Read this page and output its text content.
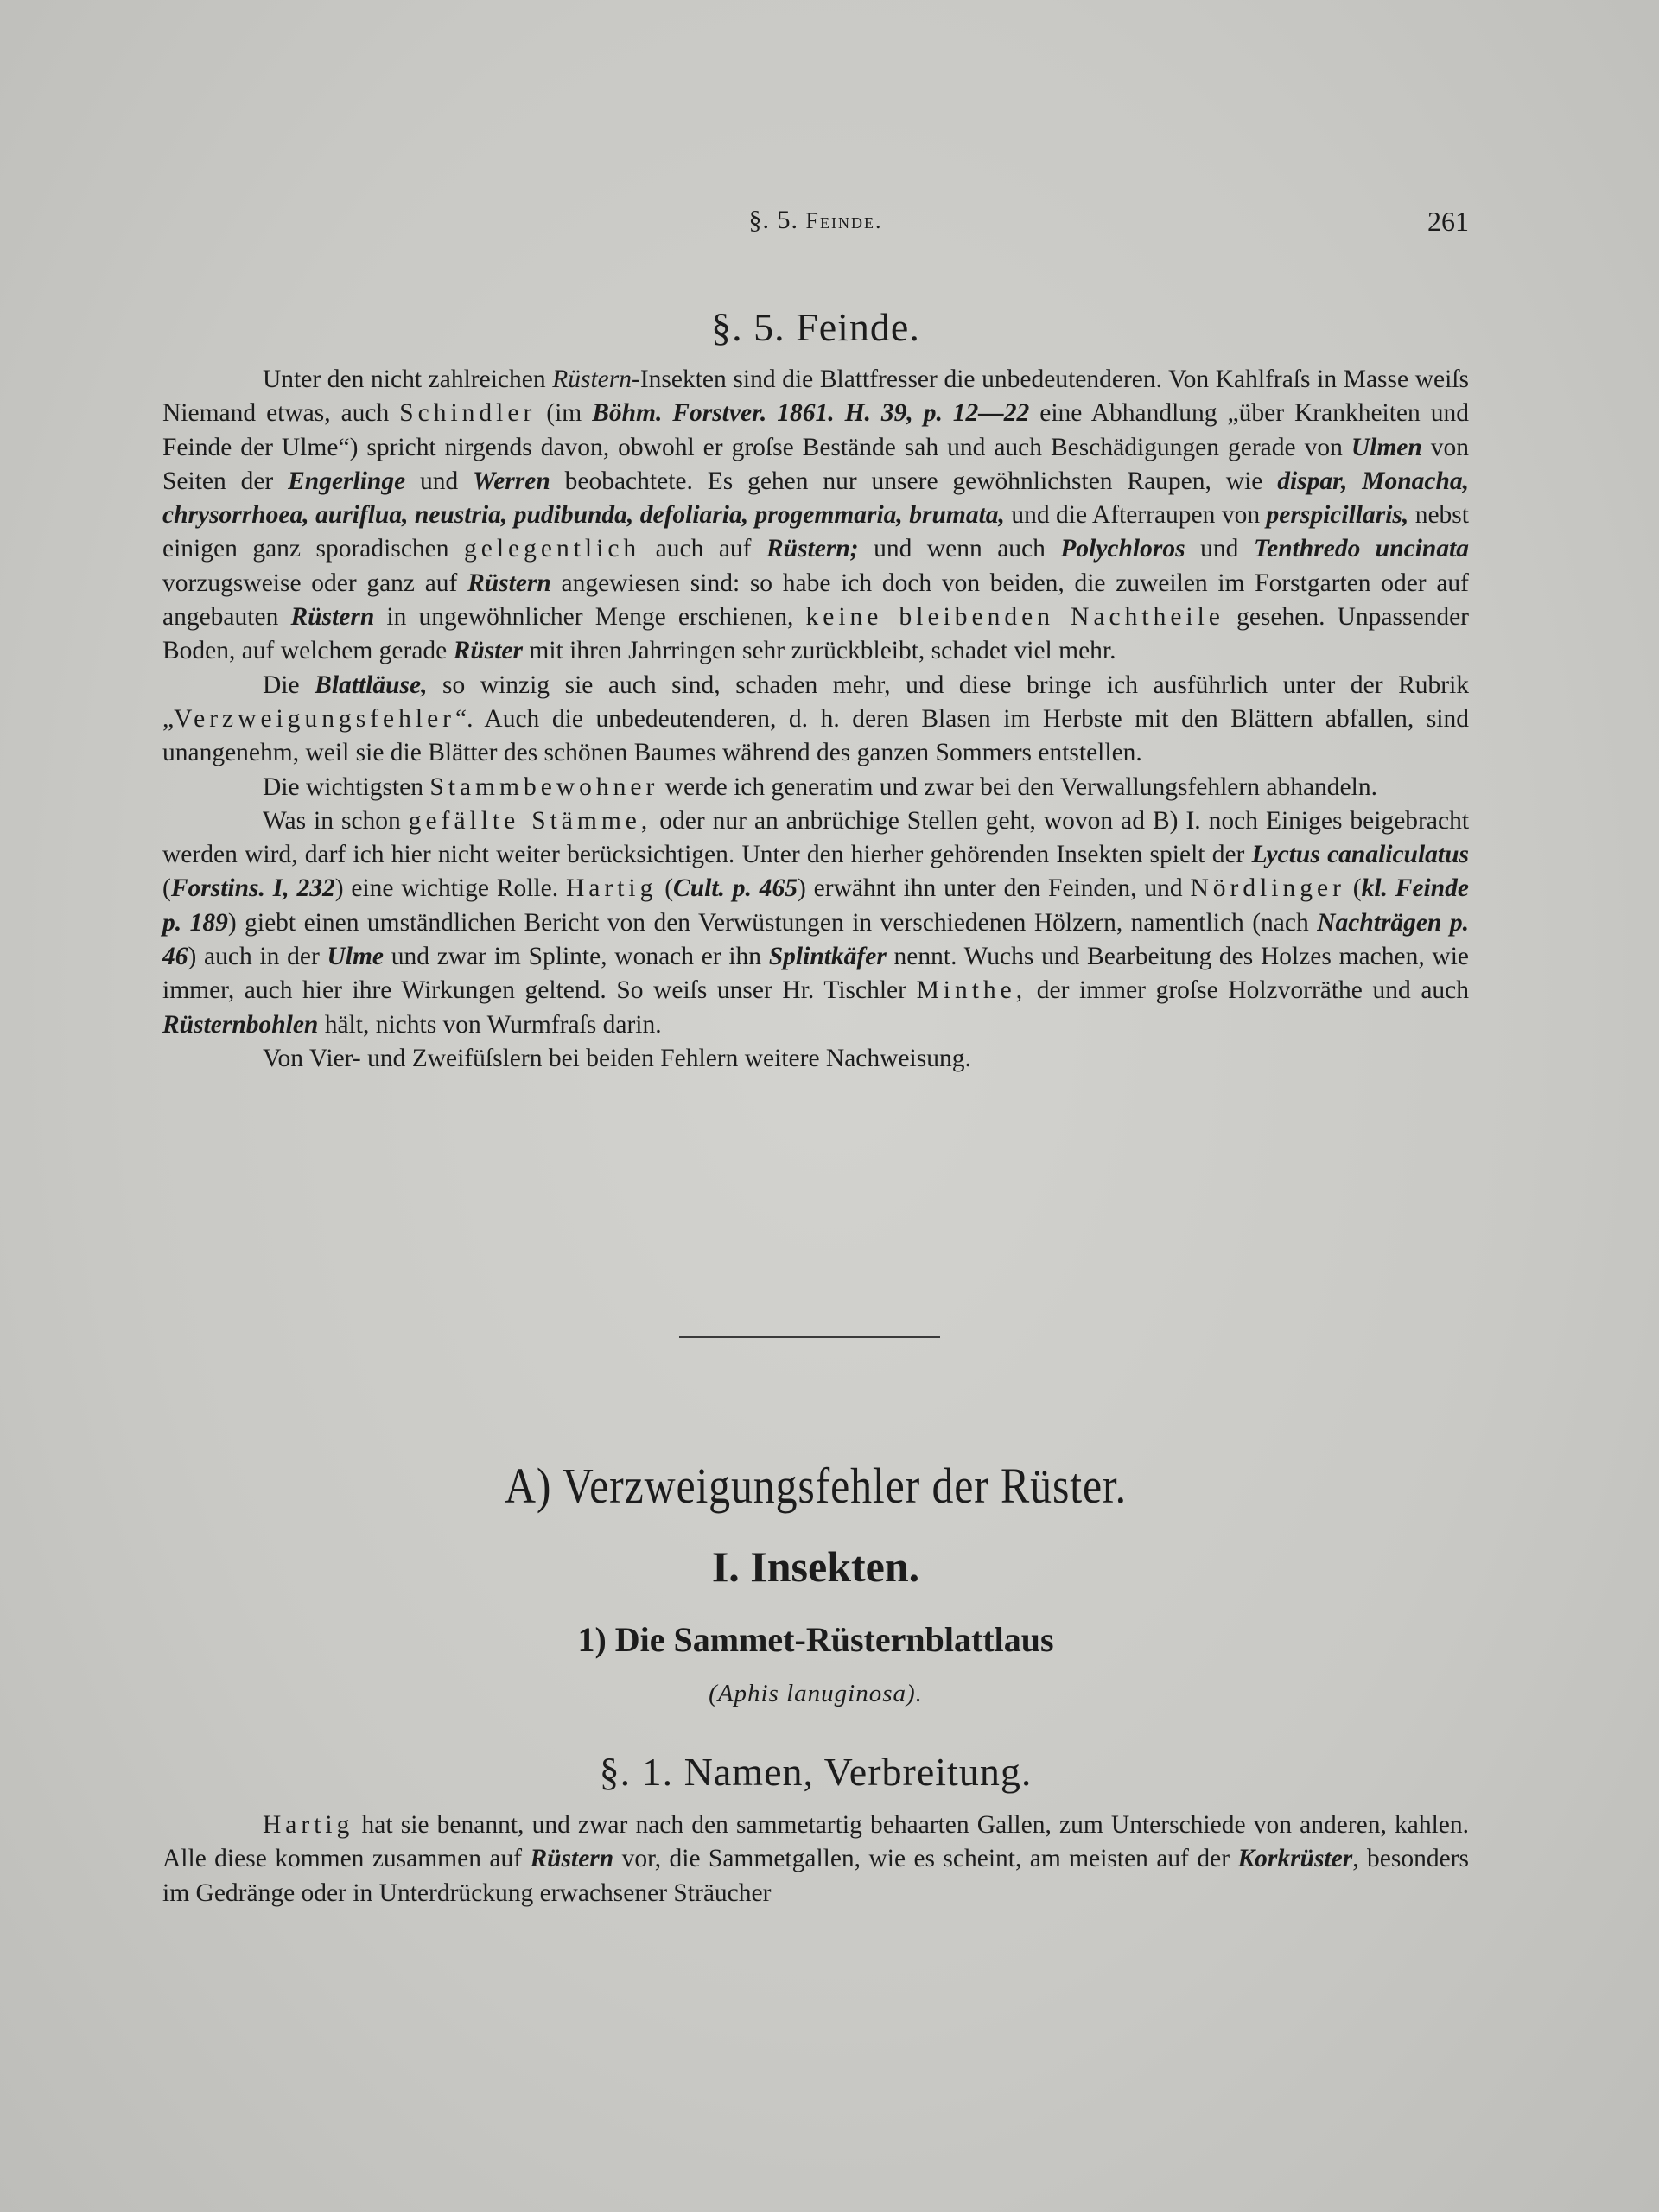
§. 5. Feinde.	261
§. 5. Feinde.

Unter den nicht zahlreichen Rüstern-Insekten sind die Blattfresser die unbedeutenderen. Von Kahlfraſs in Masse weiſs Niemand etwas, auch Schindler (im Böhm. Forstver. 1861. H. 39, p. 12—22 eine Abhandlung „über Krankheiten und Feinde der Ulme“) spricht nirgends davon, obwohl er groſse Bestände sah und auch Beschädigungen gerade von Ulmen von Seiten der Engerlinge und Werren beobachtete. Es gehen nur unsere gewöhnlichsten Raupen, wie dispar, Monacha, chrysorrhoea, auriflua, neustria, pudibunda, defoliaria, progemmaria, brumata, und die Afterraupen von perspicillaris, nebst einigen ganz sporadischen gelegentlich auch auf Rüstern; und wenn auch Polychloros und Tenthredo uncinata vorzugsweise oder ganz auf Rüstern angewiesen sind: so habe ich doch von beiden, die zuweilen im Forstgarten oder auf angebauten Rüstern in ungewöhnlicher Menge erschienen, keine bleibenden Nachtheile gesehen. Unpassender Boden, auf welchem gerade Rüster mit ihren Jahrringen sehr zurückbleibt, schadet viel mehr.

Die Blattläuse, so winzig sie auch sind, schaden mehr, und diese bringe ich ausführlich unter der Rubrik „Verzweigungsfehler“. Auch die unbedeutenderen, d. h. deren Blasen im Herbste mit den Blättern abfallen, sind unangenehm, weil sie die Blätter des schönen Baumes während des ganzen Sommers entstellen.

Die wichtigsten Stammbewohner werde ich generatim und zwar bei den Verwallungsfehlern abhandeln.

Was in schon gefällte Stämme, oder nur an anbrüchige Stellen geht, wovon ad B) I. noch Einiges beigebracht werden wird, darf ich hier nicht weiter berücksichtigen. Unter den hierher gehörenden Insekten spielt der Lyctus canaliculatus (Forstins. I, 232) eine wichtige Rolle. Hartig (Cult. p. 465) erwähnt ihn unter den Feinden, und Nördlinger (kl. Feinde p. 189) giebt einen umständlichen Bericht von den Verwüstungen in verschiedenen Hölzern, namentlich (nach Nachträgen p. 46) auch in der Ulme und zwar im Splinte, wonach er ihn Splintkäfer nennt. Wuchs und Bearbeitung des Holzes machen, wie immer, auch hier ihre Wirkungen geltend. So weiſs unser Hr. Tischler Minthe, der immer groſse Holzvorräthe und auch Rüsternbohlen hält, nichts von Wurmfraſs darin.

Von Vier- und Zweifüſslern bei beiden Fehlern weitere Nachweisung.

A) Verzweigungsfehler der Rüster.
I. Insekten.
1) Die Sammet-Rüsternblattlaus
(Aphis lanuginosa).
§. 1. Namen, Verbreitung.

Hartig hat sie benannt, und zwar nach den sammetartig behaarten Gallen, zum Unterschiede von anderen, kahlen. Alle diese kommen zusammen auf Rüstern vor, die Sammetgallen, wie es scheint, am meisten auf der Korkrüster, besonders im Gedränge oder in Unterdrückung erwachsener Sträucher
